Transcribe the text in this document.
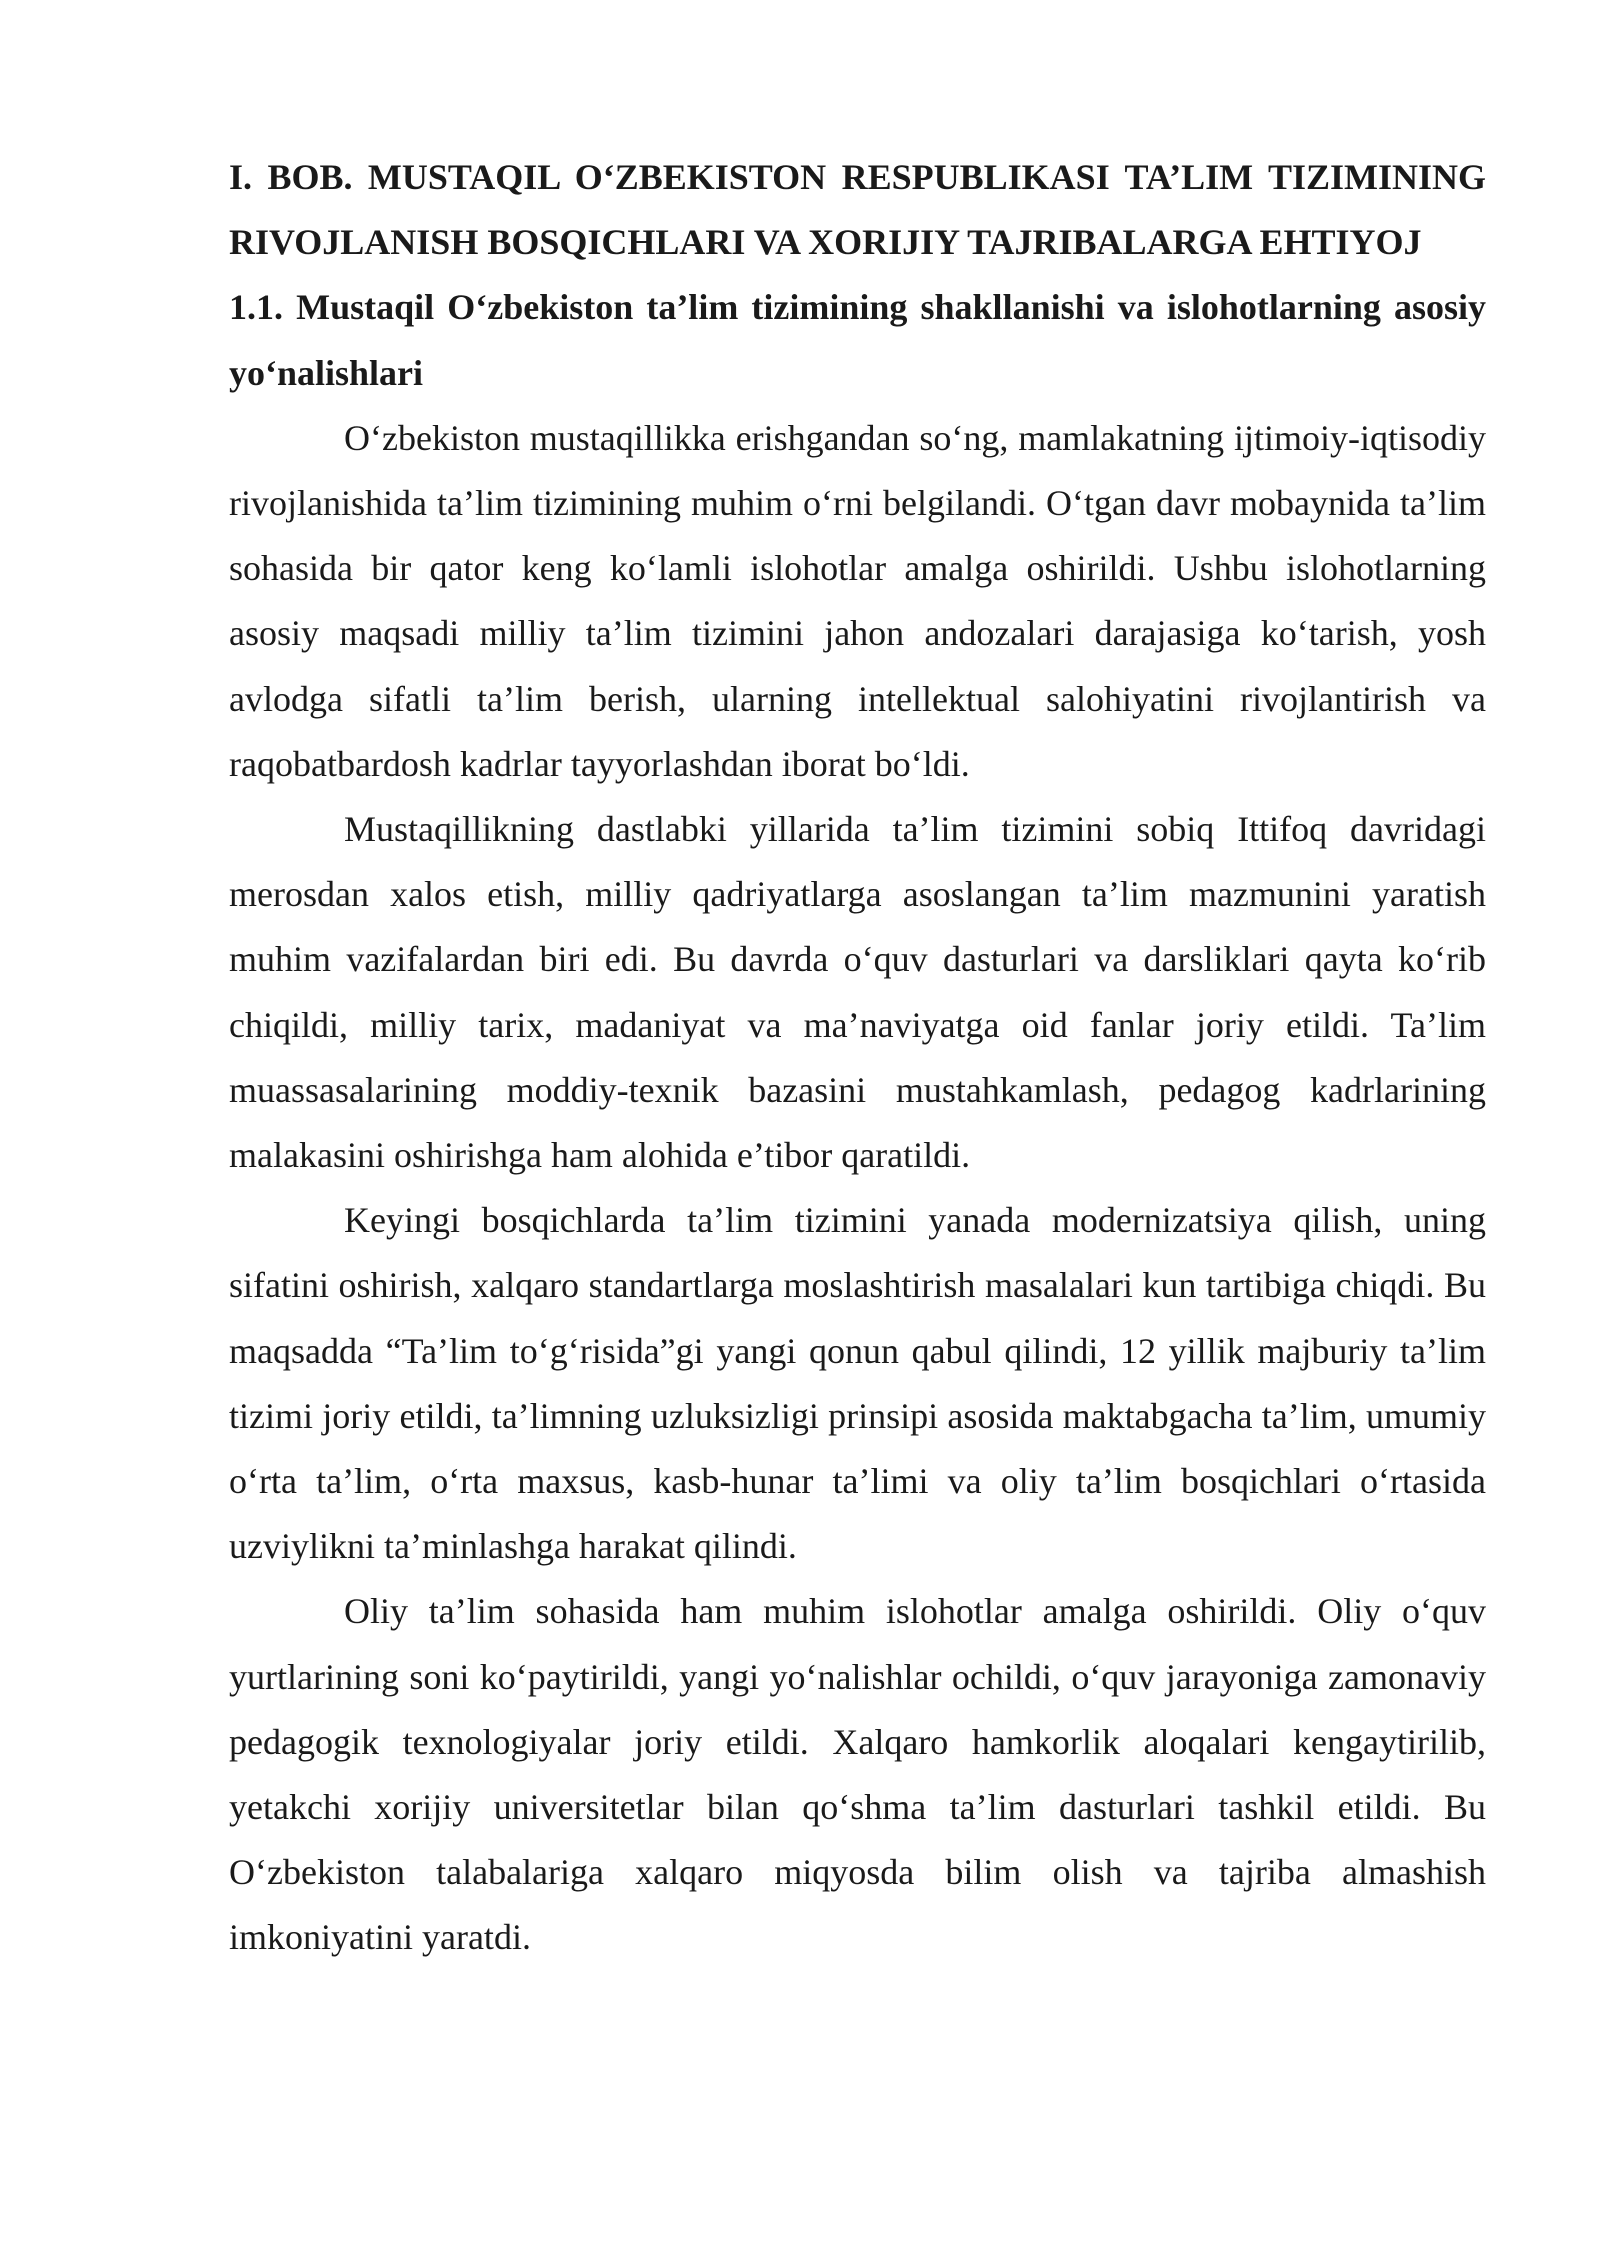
I. BOB. MUSTAQIL O‘ZBEKISTON RESPUBLIKASI TA’LIM TIZIMINING RIVOJLANISH BOSQICHLARI VA XORIJIY TAJRIBALARGA EHTIYOJ
1.1. Mustaqil O‘zbekiston ta’lim tizimining shakllanishi va islohotlarning asosiy yo‘nalishlari

O‘zbekiston mustaqillikka erishgandan so‘ng, mamlakatning ijtimoiy-iqtisodiy rivojlanishida ta’lim tizimining muhim o‘rni belgilandi. O‘tgan davr mobaynida ta’lim sohasida bir qator keng ko‘lamli islohotlar amalga oshirildi. Ushbu islohotlarning asosiy maqsadi milliy ta’lim tizimini jahon andozalari darajasiga ko‘tarish, yosh avlodga sifatli ta’lim berish, ularning intellektual salohiyatini rivojlantirish va raqobatbardosh kadrlar tayyorlashdan iborat bo‘ldi.

Mustaqillikning dastlabki yillarida ta’lim tizimini sobiq Ittifoq davridagi merosdan xalos etish, milliy qadriyatlarga asoslangan ta’lim mazmunini yaratish muhim vazifalardan biri edi. Bu davrda o‘quv dasturlari va darsliklari qayta ko‘rib chiqildi, milliy tarix, madaniyat va ma’naviyatga oid fanlar joriy etildi. Ta’lim muassasalarining moddiy-texnik bazasini mustahkamlash, pedagog kadrlarining malakasini oshirishga ham alohida e’tibor qaratildi.

Keyingi bosqichlarda ta’lim tizimini yanada modernizatsiya qilish, uning sifatini oshirish, xalqaro standartlarga moslashtirish masalalari kun tartibiga chiqdi. Bu maqsadda “Ta’lim to‘g‘risida”gi yangi qonun qabul qilindi, 12 yillik majburiy ta’lim tizimi joriy etildi, ta’limning uzluksizligi prinsipi asosida maktabgacha ta’lim, umumiy o‘rta ta’lim, o‘rta maxsus, kasb-hunar ta’limi va oliy ta’lim bosqichlari o‘rtasida uzviylikni ta’minlashga harakat qilindi.

Oliy ta’lim sohasida ham muhim islohotlar amalga oshirildi. Oliy o‘quv yurtlarining soni ko‘paytirildi, yangi yo‘nalishlar ochildi, o‘quv jarayoniga zamonaviy pedagogik texnologiyalar joriy etildi. Xalqaro hamkorlik aloqalari kengaytirilib, yetakchi xorijiy universitetlar bilan qo‘shma ta’lim dasturlari tashkil etildi. Bu O‘zbekiston talabalariga xalqaro miqyosda bilim olish va tajriba almashish imkoniyatini yaratdi.
